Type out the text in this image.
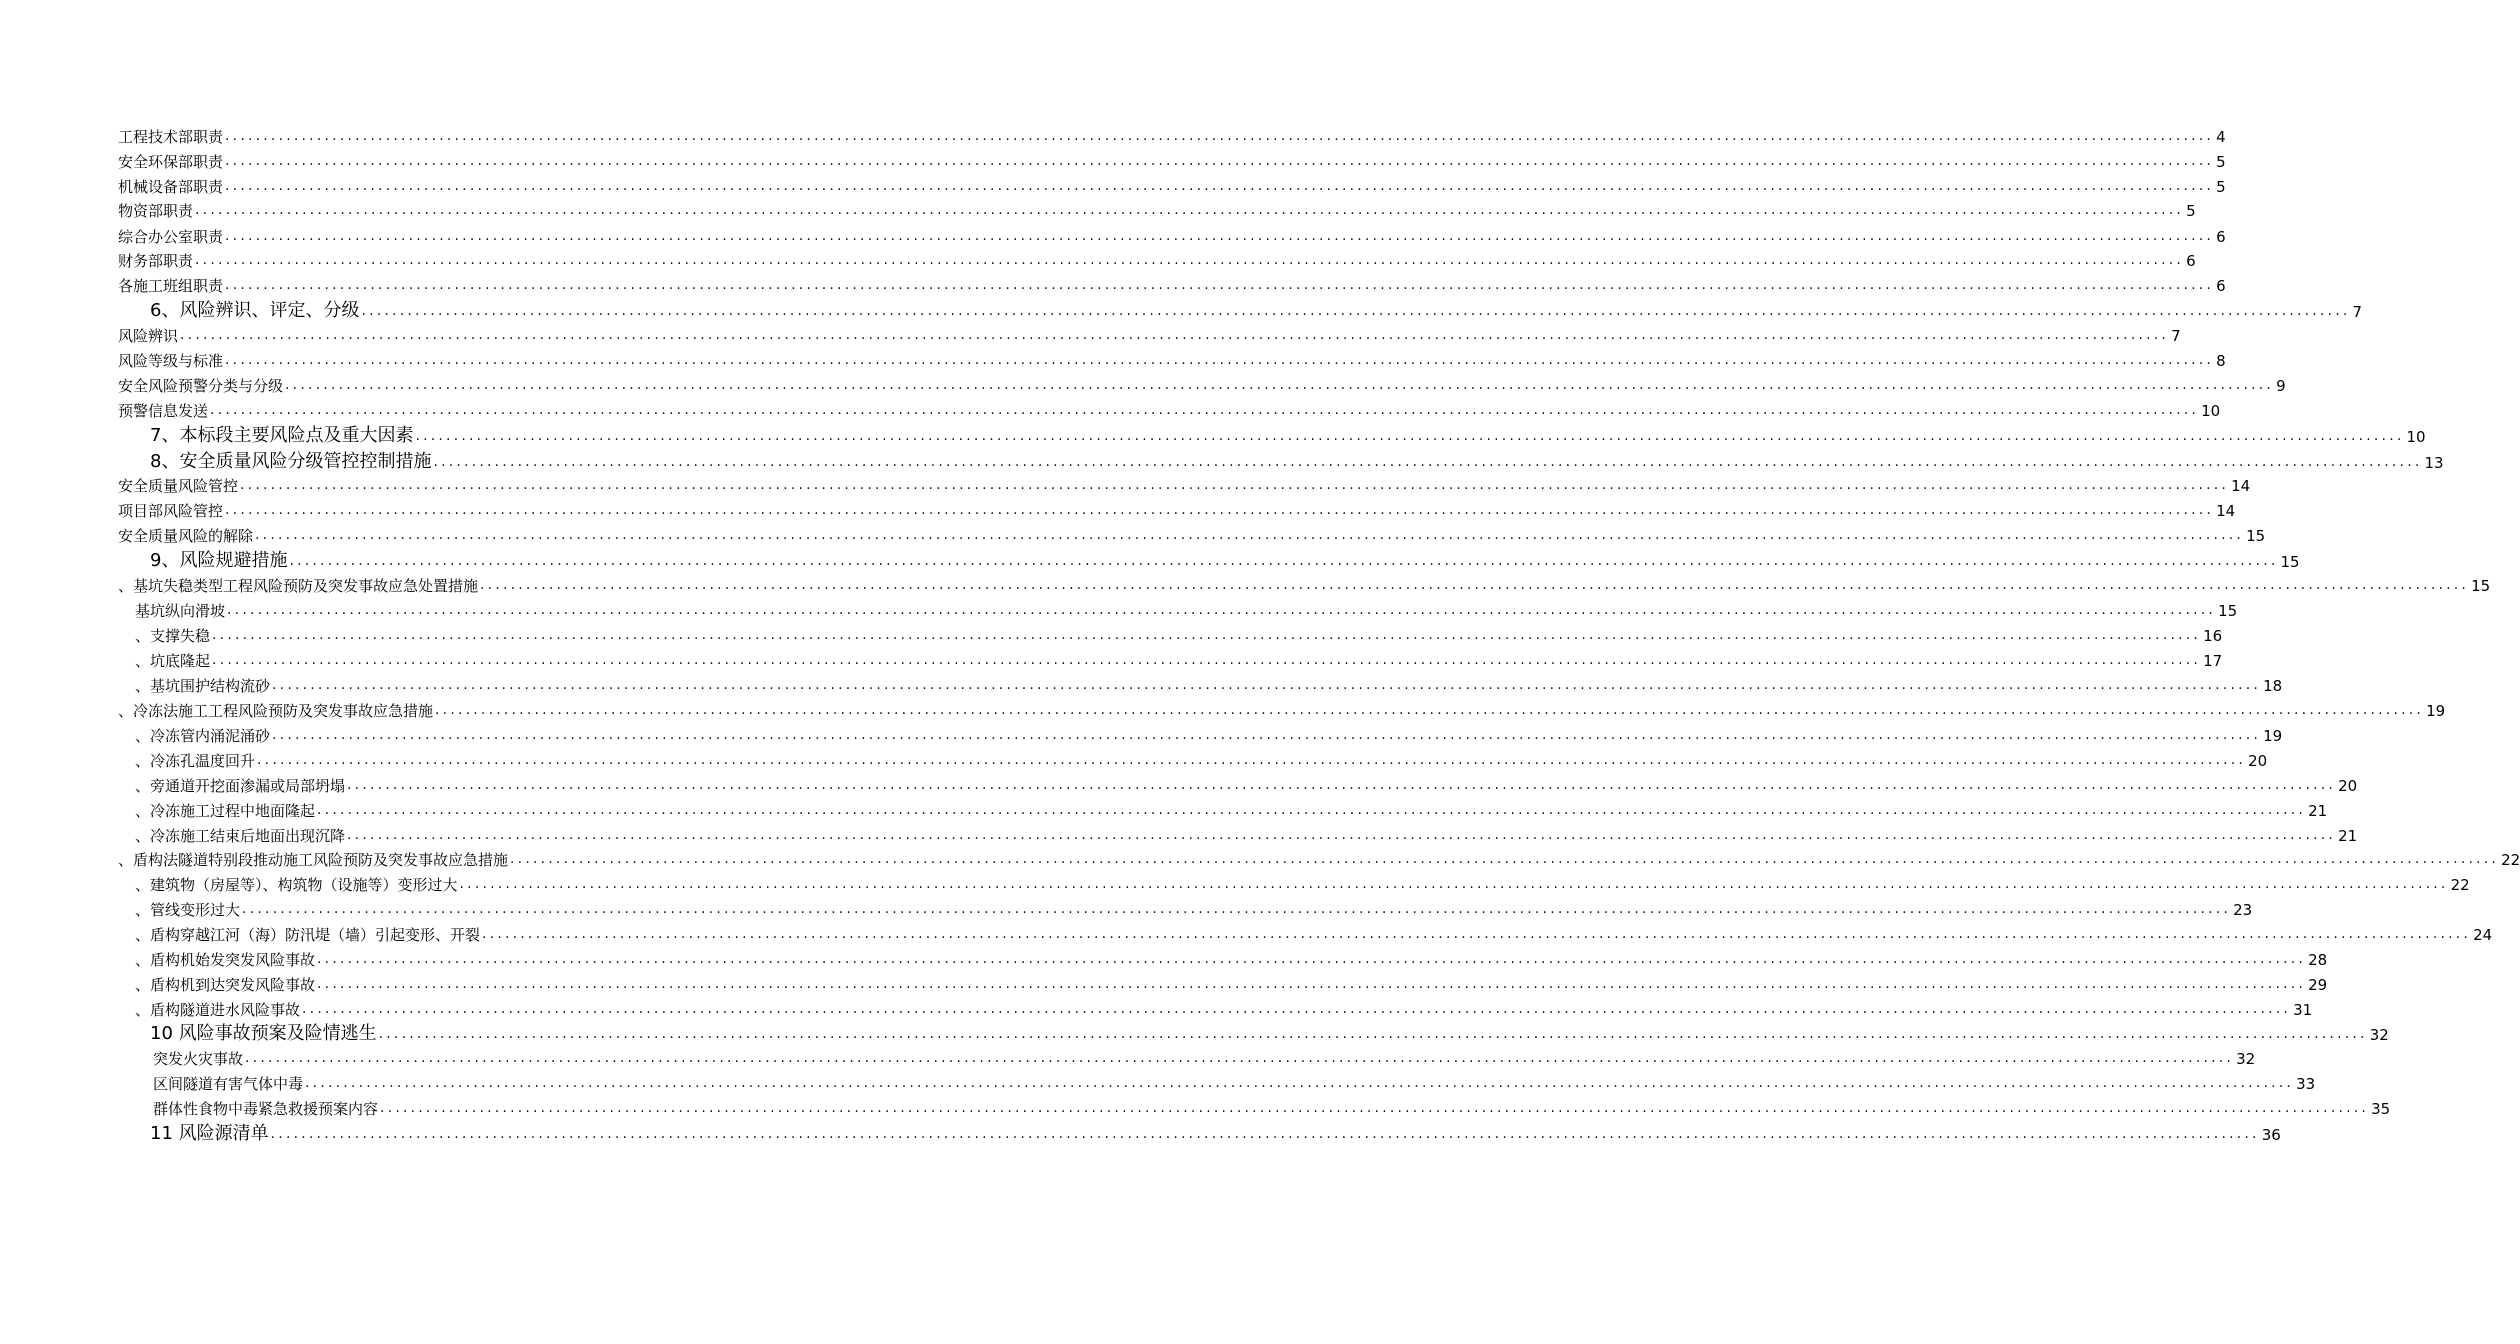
工程技术部职责 .................................................................................................................................................................................................................................................................... 4
安全环保部职责 .................................................................................................................................................................................................................................................................... 5
机械设备部职责 .................................................................................................................................................................................................................................................................... 5
物资部职责 .................................................................................................................................................................................................................................................................... 5
综合办公室职责 .................................................................................................................................................................................................................................................................... 6
财务部职责 .................................................................................................................................................................................................................................................................... 6
各施工班组职责 .................................................................................................................................................................................................................................................................... 6
6、风险辨识、评定、分级 .................................................................................................................................................................................................................................................................... 7
风险辨识 .................................................................................................................................................................................................................................................................... 7
风险等级与标准 .................................................................................................................................................................................................................................................................... 8
安全风险预警分类与分级 .................................................................................................................................................................................................................................................................... 9
预警信息发送 .................................................................................................................................................................................................................................................................... 10
7、本标段主要风险点及重大因素 .................................................................................................................................................................................................................................................................... 10
8、安全质量风险分级管控控制措施 .................................................................................................................................................................................................................................................................... 13
安全质量风险管控 .................................................................................................................................................................................................................................................................... 14
项目部风险管控 .................................................................................................................................................................................................................................................................... 14
安全质量风险的解除 .................................................................................................................................................................................................................................................................... 15
9、风险规避措施 .................................................................................................................................................................................................................................................................... 15
、基坑失稳类型工程风险预防及突发事故应急处置措施 .................................................................................................................................................................................................................................................................... 15
基坑纵向滑坡 .................................................................................................................................................................................................................................................................... 15
、支撑失稳 .................................................................................................................................................................................................................................................................... 16
、坑底隆起 .................................................................................................................................................................................................................................................................... 17
、基坑围护结构流砂 .................................................................................................................................................................................................................................................................... 18
、冷冻法施工工程风险预防及突发事故应急措施 .................................................................................................................................................................................................................................................................... 19
、冷冻管内涌泥涌砂 .................................................................................................................................................................................................................................................................... 19
、冷冻孔温度回升 .................................................................................................................................................................................................................................................................... 20
、旁通道开挖面渗漏或局部坍塌 .................................................................................................................................................................................................................................................................... 20
、冷冻施工过程中地面隆起 .................................................................................................................................................................................................................................................................... 21
、冷冻施工结束后地面出现沉降 .................................................................................................................................................................................................................................................................... 21
、盾构法隧道特别段推动施工风险预防及突发事故应急措施 .................................................................................................................................................................................................................................................................... 22
、建筑物（房屋等）、构筑物（设施等）变形过大 .................................................................................................................................................................................................................................................................... 22
、管线变形过大 .................................................................................................................................................................................................................................................................... 23
、盾构穿越江河（海）防汛堤（墙）引起变形、开裂 .................................................................................................................................................................................................................................................................... 24
、盾构机始发突发风险事故 .................................................................................................................................................................................................................................................................... 28
、盾构机到达突发风险事故 .................................................................................................................................................................................................................................................................... 29
、盾构隧道进水风险事故 .................................................................................................................................................................................................................................................................... 31
10 风险事故预案及险情逃生 .................................................................................................................................................................................................................................................................... 32
突发火灾事故 .................................................................................................................................................................................................................................................................... 32
区间隧道有害气体中毒 .................................................................................................................................................................................................................................................................... 33
群体性食物中毒紧急救援预案内容 .................................................................................................................................................................................................................................................................... 35
11 风险源清单 .................................................................................................................................................................................................................................................................... 36
